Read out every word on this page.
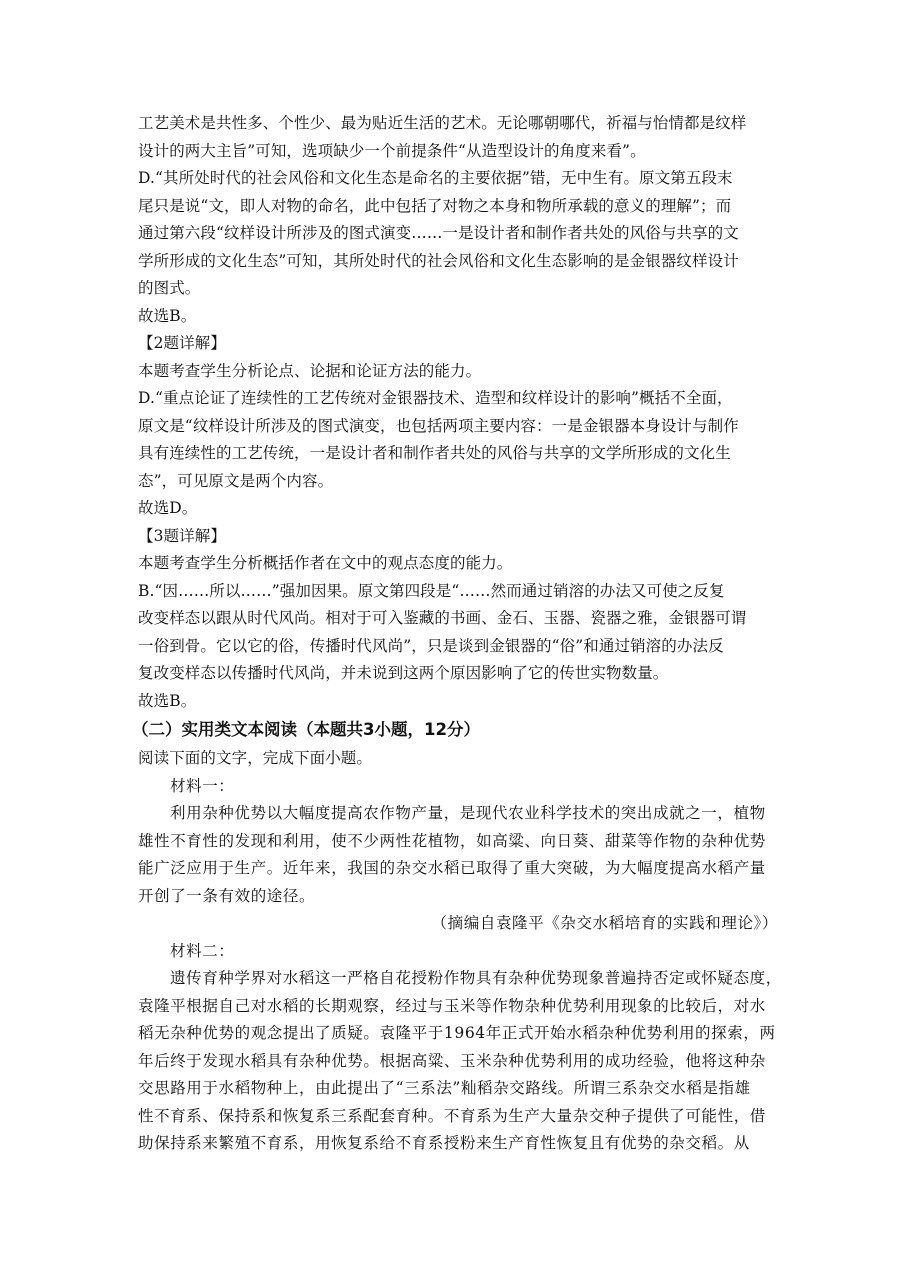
工艺美术是共性多、个性少、最为贴近生活的艺术。无论哪朝哪代，祈福与怡情都是纹样
设计的两大主旨”可知，选项缺少一个前提条件“从造型设计的角度来看”。
D.“其所处时代的社会风俗和文化生态是命名的主要依据”错，无中生有。原文第五段末
尾只是说“文，即人对物的命名，此中包括了对物之本身和物所承载的意义的理解”；而
通过第六段“纹样设计所涉及的图式演变……一是设计者和制作者共处的风俗与共享的文
学所形成的文化生态”可知，其所处时代的社会风俗和文化生态影响的是金银器纹样设计
的图式。
故选B。
【2题详解】
本题考查学生分析论点、论据和论证方法的能力。
D.“重点论证了连续性的工艺传统对金银器技术、造型和纹样设计的影响”概括不全面，
原文是“纹样设计所涉及的图式演变，也包括两项主要内容：一是金银器本身设计与制作
具有连续性的工艺传统，一是设计者和制作者共处的风俗与共享的文学所形成的文化生
态”，可见原文是两个内容。
故选D。
【3题详解】
本题考查学生分析概括作者在文中的观点态度的能力。
B.“因……所以……”强加因果。原文第四段是“……然而通过销溶的办法又可使之反复
改变样态以跟从时代风尚。相对于可入鉴藏的书画、金石、玉器、瓷器之雅，金银器可谓
一俗到骨。它以它的俗，传播时代风尚”，只是谈到金银器的“俗”和通过销溶的办法反
复改变样态以传播时代风尚，并未说到这两个原因影响了它的传世实物数量。
故选B。
（二）实用类文本阅读（本题共3小题，12分）
阅读下面的文字，完成下面小题。
材料一：
利用杂种优势以大幅度提高农作物产量，是现代农业科学技术的突出成就之一，植物
雄性不育性的发现和利用，使不少两性花植物，如高粱、向日葵、甜菜等作物的杂种优势
能广泛应用于生产。近年来，我国的杂交水稻已取得了重大突破，为大幅度提高水稻产量
开创了一条有效的途径。
（摘编自袁隆平《杂交水稻培育的实践和理论》）
材料二：
遗传育种学界对水稻这一严格自花授粉作物具有杂种优势现象普遍持否定或怀疑态度，
袁隆平根据自己对水稻的长期观察，经过与玉米等作物杂种优势利用现象的比较后，对水
稻无杂种优势的观念提出了质疑。袁隆平于1964年正式开始水稻杂种优势利用的探索，两
年后终于发现水稻具有杂种优势。根据高粱、玉米杂种优势利用的成功经验，他将这种杂
交思路用于水稻物种上，由此提出了“三系法”籼稻杂交路线。所谓三系杂交水稻是指雄
性不育系、保持系和恢复系三系配套育种。不育系为生产大量杂交种子提供了可能性，借
助保持系来繁殖不育系，用恢复系给不育系授粉来生产育性恢复且有优势的杂交稻。从
